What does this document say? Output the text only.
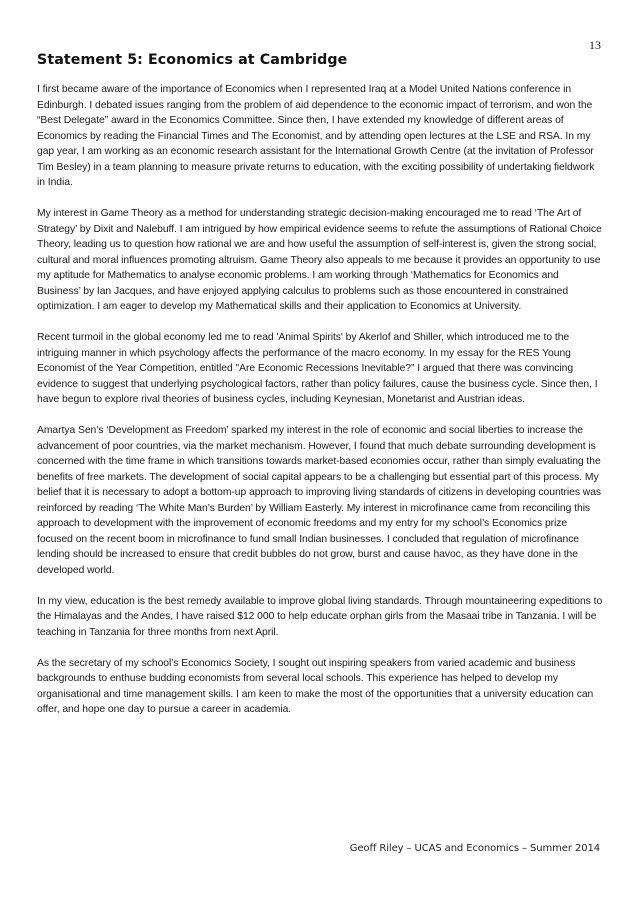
13
Statement 5: Economics at Cambridge

I first became aware of the importance of Economics when I represented Iraq at a Model United Nations conference in Edinburgh. I debated issues ranging from the problem of aid dependence to the economic impact of terrorism, and won the “Best Delegate” award in the Economics Committee. Since then, I have extended my knowledge of different areas of Economics by reading the Financial Times and The Economist, and by attending open lectures at the LSE and RSA. In my gap year, I am working as an economic research assistant for the International Growth Centre (at the invitation of Professor Tim Besley) in a team planning to measure private returns to education, with the exciting possibility of undertaking fieldwork in India.

My interest in Game Theory as a method for understanding strategic decision-making encouraged me to read ‘The Art of Strategy’ by Dixit and Nalebuff. I am intrigued by how empirical evidence seems to refute the assumptions of Rational Choice Theory, leading us to question how rational we are and how useful the assumption of self-interest is, given the strong social, cultural and moral influences promoting altruism. Game Theory also appeals to me because it provides an opportunity to use my aptitude for Mathematics to analyse economic problems. I am working through ‘Mathematics for Economics and Business’ by Ian Jacques, and have enjoyed applying calculus to problems such as those encountered in constrained optimization. I am eager to develop my Mathematical skills and their application to Economics at University.

Recent turmoil in the global economy led me to read 'Animal Spirits' by Akerlof and Shiller, which introduced me to the intriguing manner in which psychology affects the performance of the macro economy. In my essay for the RES Young Economist of the Year Competition, entitled "Are Economic Recessions Inevitable?” I argued that there was convincing evidence to suggest that underlying psychological factors, rather than policy failures, cause the business cycle. Since then, I have begun to explore rival theories of business cycles, including Keynesian, Monetarist and Austrian ideas.

Amartya Sen’s ‘Development as Freedom’ sparked my interest in the role of economic and social liberties to increase the advancement of poor countries, via the market mechanism. However, I found that much debate surrounding development is concerned with the time frame in which transitions towards market-based economies occur, rather than simply evaluating the benefits of free markets. The development of social capital appears to be a challenging but essential part of this process. My belief that it is necessary to adopt a bottom-up approach to improving living standards of citizens in developing countries was reinforced by reading ‘The White Man’s Burden’ by William Easterly. My interest in microfinance came from reconciling this approach to development with the improvement of economic freedoms and my entry for my school’s Economics prize focused on the recent boom in microfinance to fund small Indian businesses. I concluded that regulation of microfinance lending should be increased to ensure that credit bubbles do not grow, burst and cause havoc, as they have done in the developed world.

In my view, education is the best remedy available to improve global living standards. Through mountaineering expeditions to the Himalayas and the Andes, I have raised $12 000 to help educate orphan girls from the Masaai tribe in Tanzania. I will be teaching in Tanzania for three months from next April.

As the secretary of my school’s Economics Society, I sought out inspiring speakers from varied academic and business backgrounds to enthuse budding economists from several local schools. This experience has helped to develop my organisational and time management skills. I am keen to make the most of the opportunities that a university education can offer, and hope one day to pursue a career in academia.

Geoff Riley – UCAS and Economics – Summer 2014
